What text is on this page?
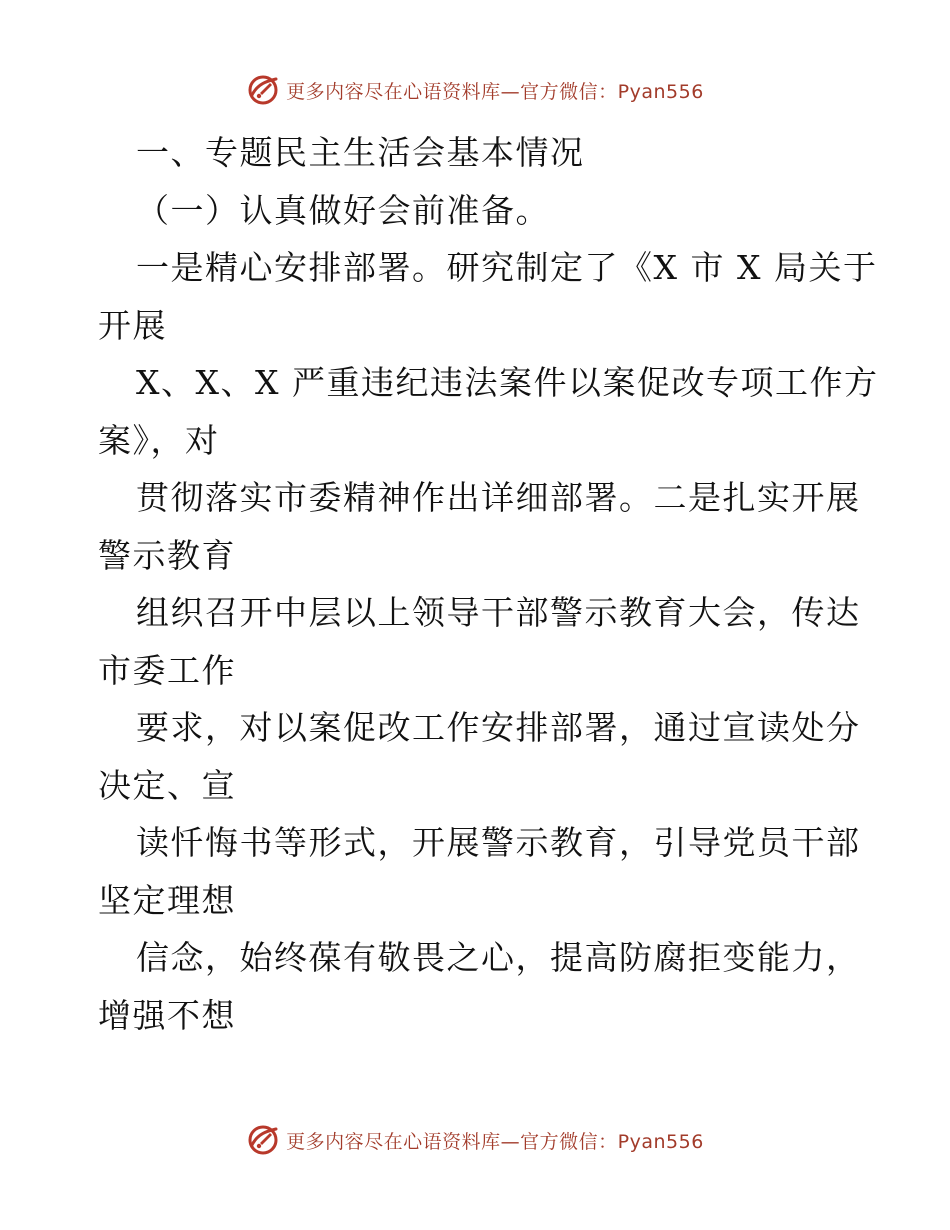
更多内容尽在心语资料库—官方微信：Pyan556
一、专题民主生活会基本情况
（一）认真做好会前准备。
一是精心安排部署。研究制定了《X 市 X 局关于
开展
X、X、X 严重违纪违法案件以案促改专项工作方
案》，对
贯彻落实市委精神作出详细部署。二是扎实开展
警示教育
组织召开中层以上领导干部警示教育大会，传达
市委工作
要求，对以案促改工作安排部署，通过宣读处分
决定、宣
读忏悔书等形式，开展警示教育，引导党员干部
坚定理想
信念，始终葆有敬畏之心，提高防腐拒变能力，
增强不想
更多内容尽在心语资料库—官方微信：Pyan556
